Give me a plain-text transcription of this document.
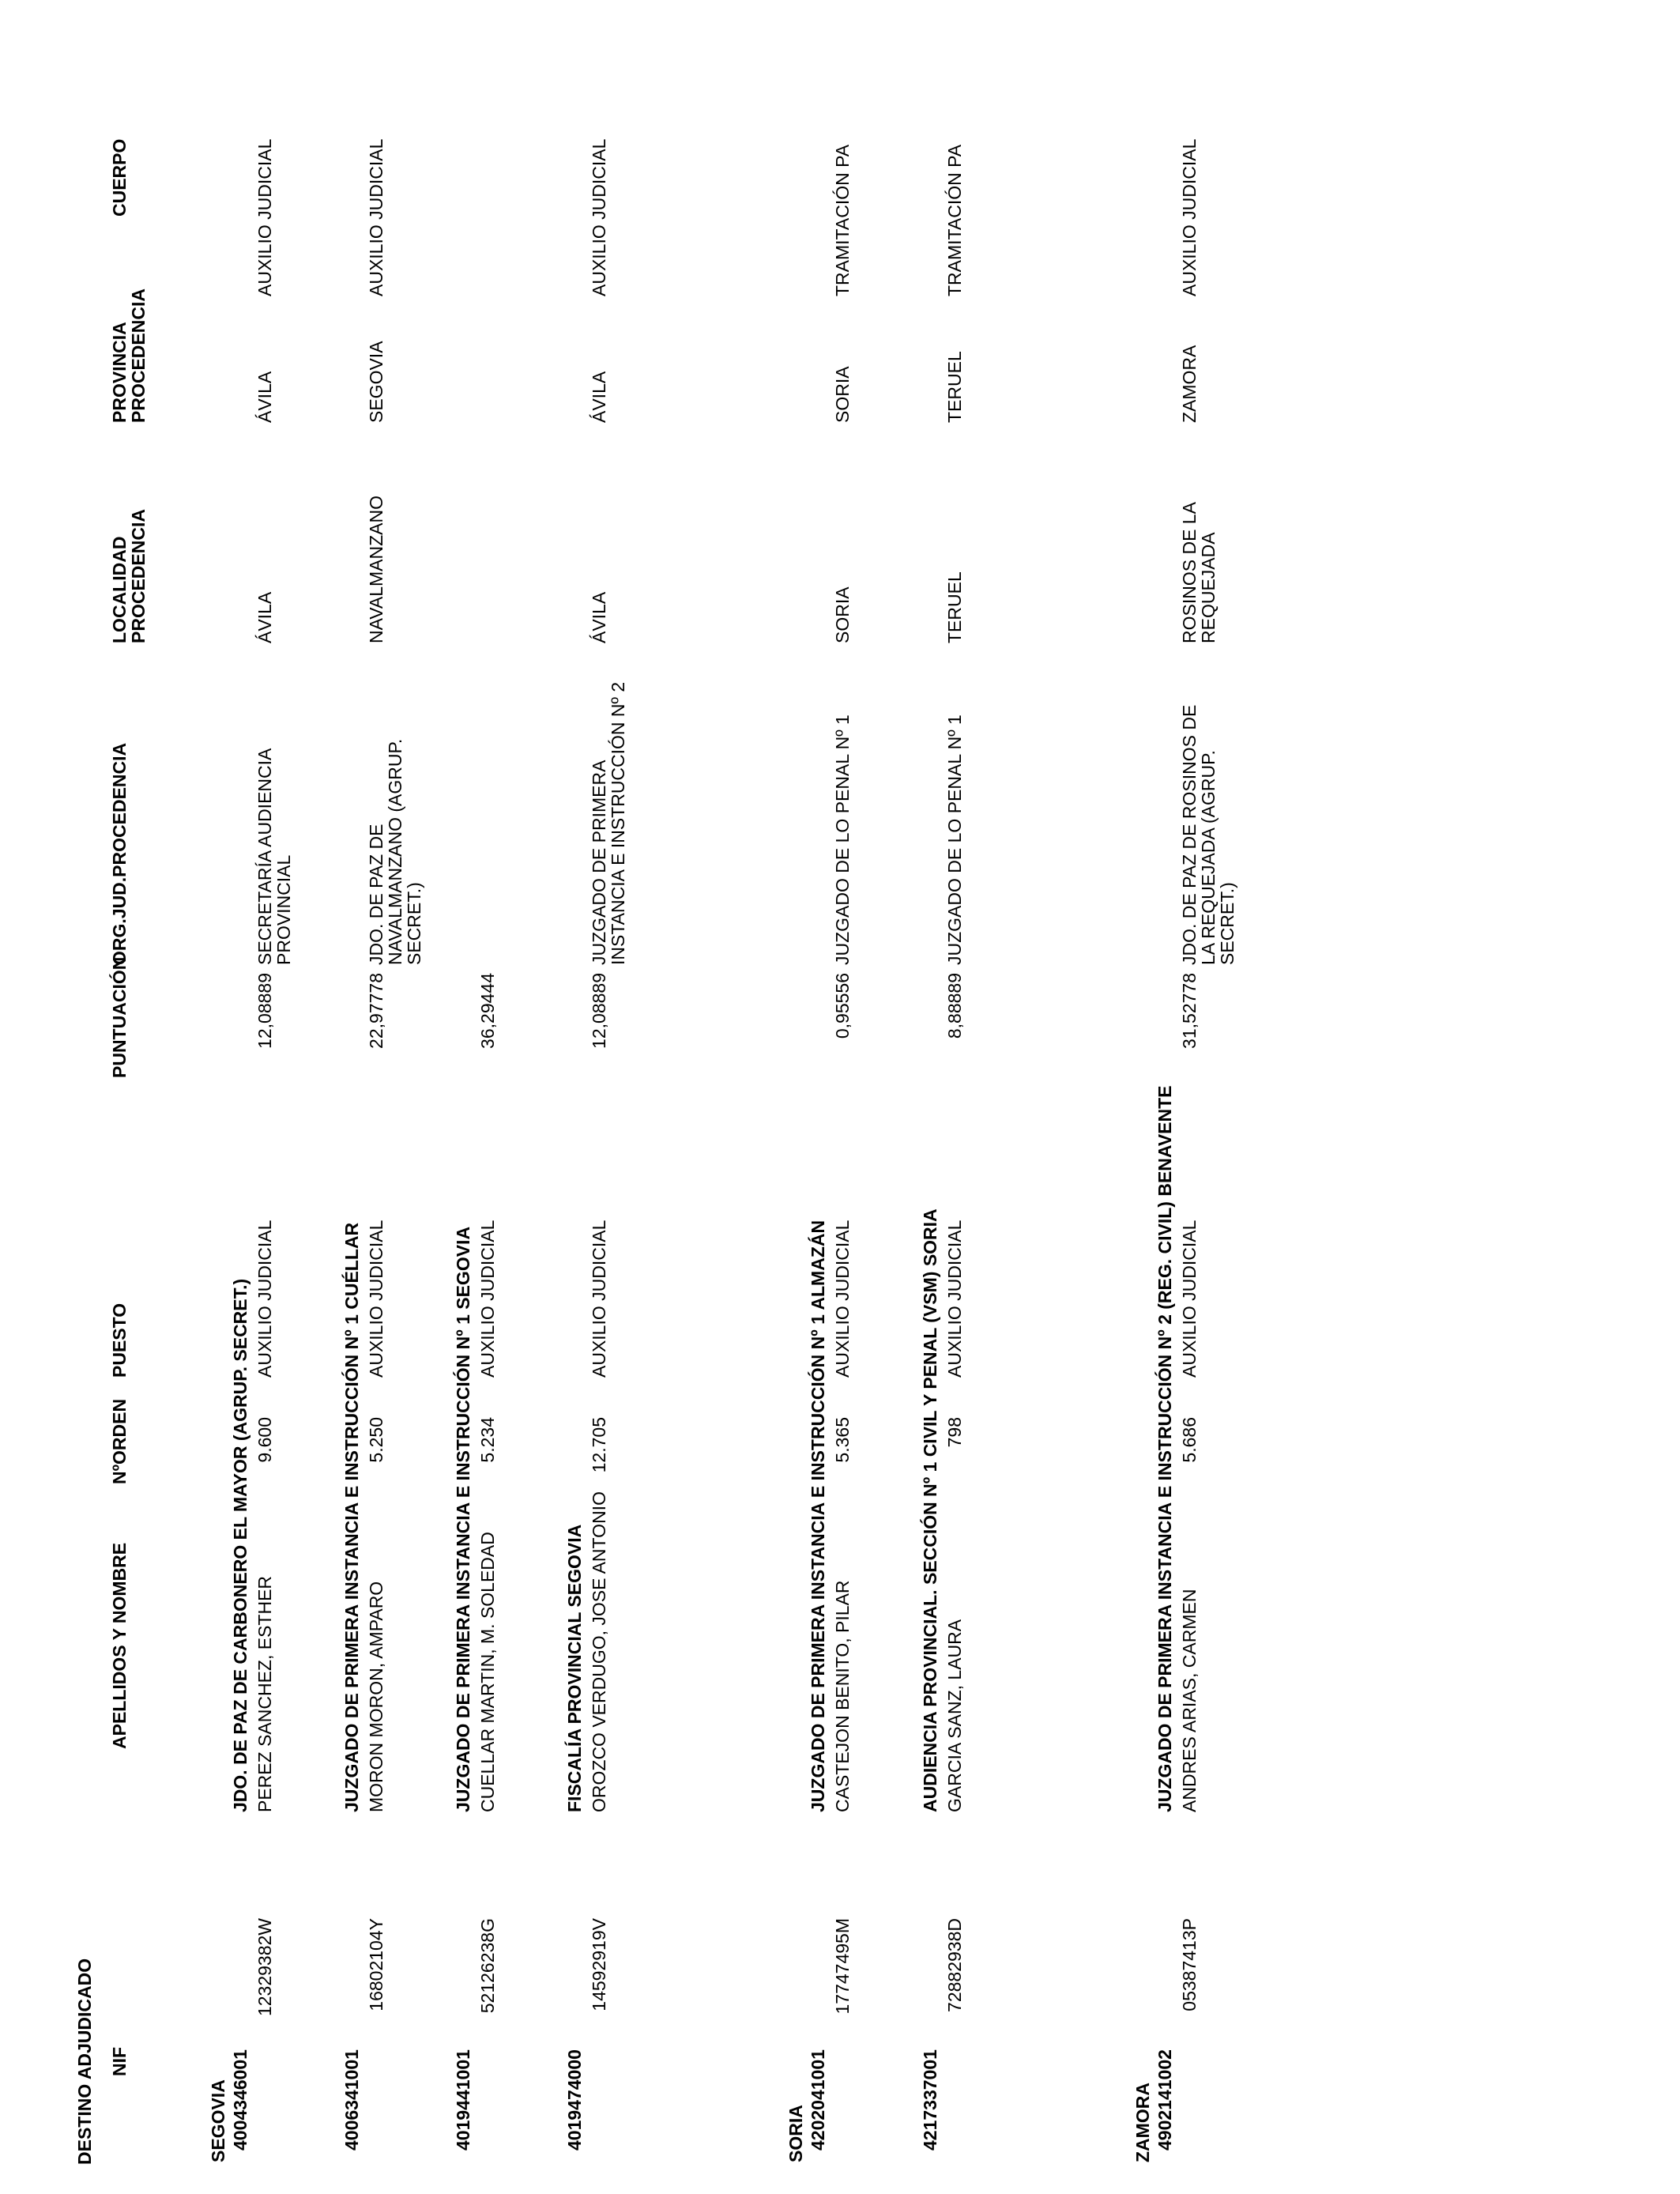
DESTINO ADJUDICADO NIF
APELLIDOS Y NOMBRE
NºORDEN
PUESTO
PUNTUACIÓN
ORG.JUD.PROCEDENCIA
LOCALIDAD
PROCEDENCIA
PROVINCIA
PROCEDENCIA
CUERPO
SEGOVIA 4004346001
JDO. DE PAZ DE CARBONERO EL MAYOR (AGRUP. SECRET.)
12329382W
PEREZ SANCHEZ, ESTHER
9.600
AUXILIO JUDICIAL
12,08889
SECRETARÍA AUDIENCIA
PROVINCIAL
ÁVILA
ÁVILA
AUXILIO JUDICIAL
4006341001
JUZGADO DE PRIMERA INSTANCIA E INSTRUCCIÓN Nº 1 CUÉLLAR
16802104Y
MORON MORON, AMPARO
5.250
AUXILIO JUDICIAL
22,97778
JDO. DE PAZ DE
NAVALMANZANO (AGRUP.
SECRET.)
NAVALMANZANO
SEGOVIA
AUXILIO JUDICIAL
4019441001
JUZGADO DE PRIMERA INSTANCIA E INSTRUCCIÓN Nº 1 SEGOVIA
52126238G
CUELLAR MARTIN, M. SOLEDAD
5.234
AUXILIO JUDICIAL
36,29444
4019474000
FISCALÍA PROVINCIAL SEGOVIA
14592919V
OROZCO VERDUGO, JOSE ANTONIO
12.705
AUXILIO JUDICIAL
12,08889
JUZGADO DE PRIMERA
INSTANCIA E INSTRUCCIÓN Nº 2
ÁVILA
ÁVILA
AUXILIO JUDICIAL
SORIA 4202041001
JUZGADO DE PRIMERA INSTANCIA E INSTRUCCIÓN Nº 1 ALMAZÁN
17747495M
CASTEJON BENITO, PILAR
5.365
AUXILIO JUDICIAL
0,95556
JUZGADO DE LO PENAL Nº 1
SORIA
SORIA
TRAMITACIÓN PA
4217337001
AUDIENCIA PROVINCIAL. SECCIÓN Nº 1 CIVIL Y PENAL (VSM) SORIA
72882938D
GARCIA SANZ, LAURA
798
AUXILIO JUDICIAL
8,88889
JUZGADO DE LO PENAL Nº 1
TERUEL
TERUEL
TRAMITACIÓN PA
ZAMORA 4902141002
JUZGADO DE PRIMERA INSTANCIA E INSTRUCCIÓN Nº 2 (REG. CIVIL) BENAVENTE
05387413P
ANDRES ARIAS, CARMEN
5.686
AUXILIO JUDICIAL
31,52778
JDO. DE PAZ DE ROSINOS DE
LA REQUEJADA (AGRUP.
SECRET.)
ROSINOS DE LA
REQUEJADA
ZAMORA
AUXILIO JUDICIAL
